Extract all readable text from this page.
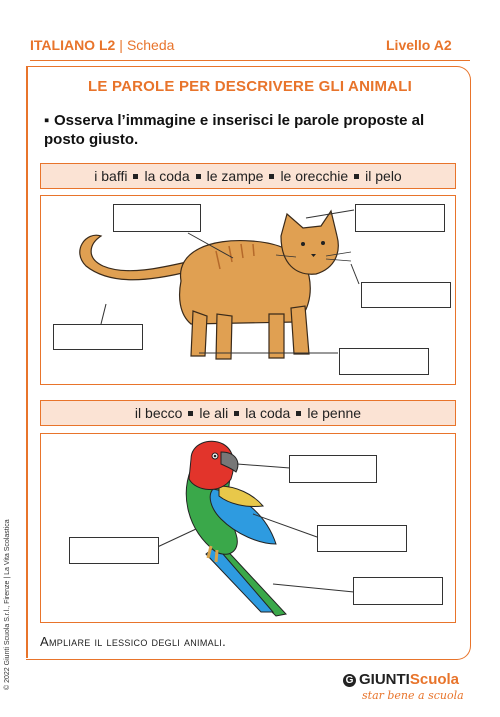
ITALIANO L2 | Scheda	Livello A2
LE PAROLE PER DESCRIVERE GLI ANIMALI
▪ Osserva l’immagine e inserisci le parole proposte al posto giusto.
i baffi la coda le zampe le orecchie il pelo
il becco le ali la coda le penne
Ampliare il lessico degli animali.
© 2022 Giunti Scuola S.r.l., Firenze | La Vita Scolastica	G GIUNTIScuola
star bene a scuola
